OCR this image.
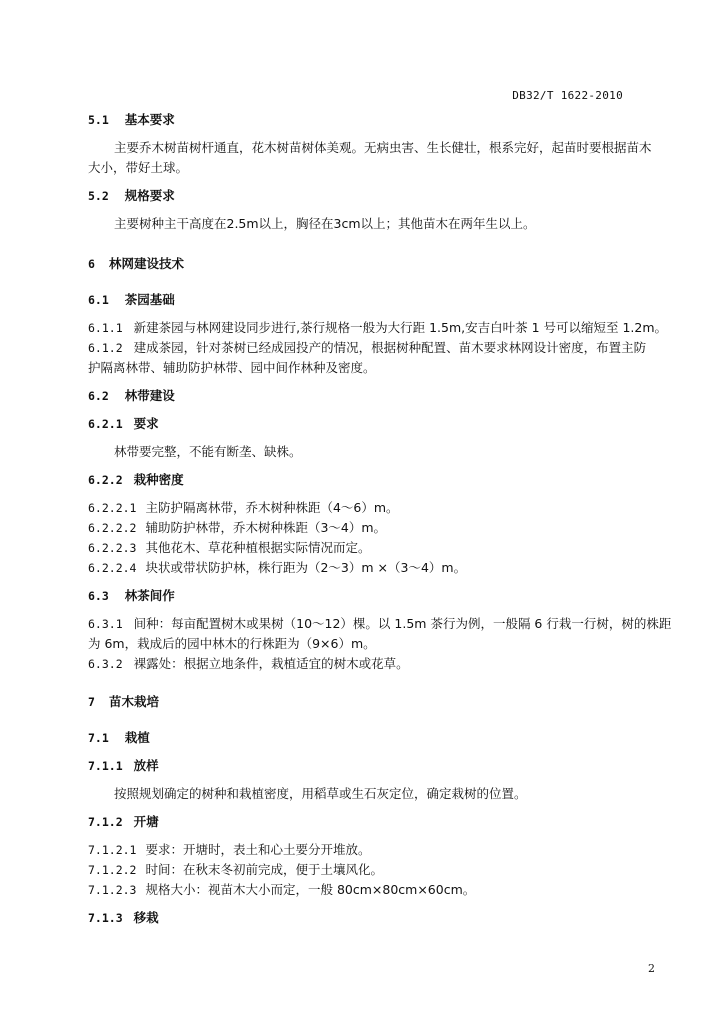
DB32/T 1622-2010
5.1 基本要求
主要乔木树苗树杆通直，花木树苗树体美观。无病虫害、生长健壮，根系完好，起苗时要根据苗木
大小，带好土球。
5.2 规格要求
主要树种主干高度在2.5m以上，胸径在3cm以上；其他苗木在两年生以上。
6 林网建设技术
6.1 茶园基础
6.1.1 新建茶园与林网建设同步进行,茶行规格一般为大行距 1.5m,安吉白叶茶 1 号可以缩短至 1.2m。
6.1.2 建成茶园，针对茶树已经成园投产的情况，根据树种配置、苗木要求林网设计密度，布置主防
护隔离林带、辅助防护林带、园中间作林种及密度。
6.2 林带建设
6.2.1 要求
林带要完整，不能有断垄、缺株。
6.2.2 栽种密度
6.2.2.1 主防护隔离林带，乔木树种株距（4～6）m。
6.2.2.2 辅助防护林带，乔木树种株距（3～4）m。
6.2.2.3 其他花木、草花种植根据实际情况而定。
6.2.2.4 块状或带状防护林，株行距为（2～3）m ×（3～4）m。
6.3 林茶间作
6.3.1 间种：每亩配置树木或果树（10～12）棵。以 1.5m 茶行为例，一般隔 6 行栽一行树，树的株距
为 6m，栽成后的园中林木的行株距为（9×6）m。
6.3.2 裸露处：根据立地条件，栽植适宜的树木或花草。
7 苗木栽培
7.1 栽植
7.1.1 放样
按照规划确定的树种和栽植密度，用稻草或生石灰定位，确定栽树的位置。
7.1.2 开塘
7.1.2.1 要求：开塘时，表土和心土要分开堆放。
7.1.2.2 时间：在秋末冬初前完成，便于土壤风化。
7.1.2.3 规格大小：视苗木大小而定，一般 80cm×80cm×60cm。
7.1.3 移栽
2
